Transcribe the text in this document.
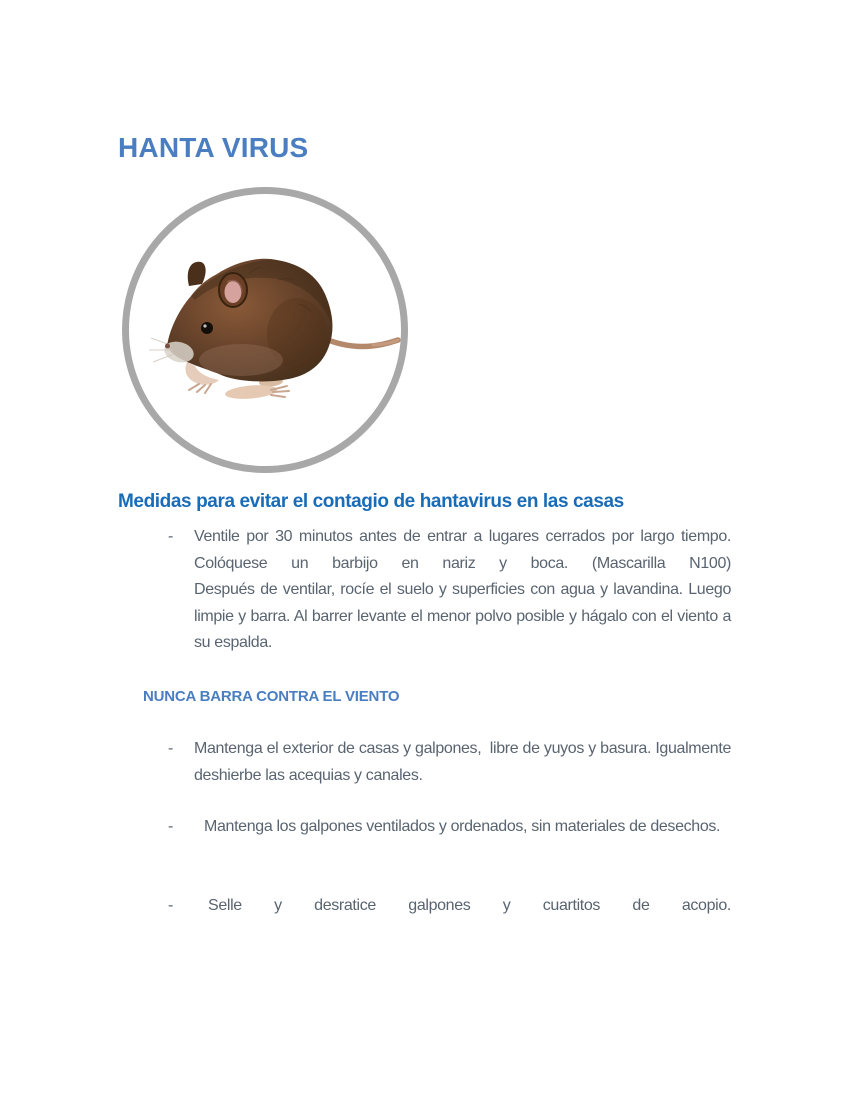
HANTA VIRUS
Medidas para evitar el contagio de hantavirus en las casas
-	Ventile por 30 minutos antes de entrar a lugares cerrados por largo tiempo. Colóquese un barbijo en nariz y boca. (Mascarilla N100)
Después de ventilar, rocíe el suelo y superficies con agua y lavandina. Luego limpie y barra. Al barrer levante el menor polvo posible y hágalo con el viento a su espalda.
NUNCA BARRA CONTRA EL VIENTO
-	Mantenga el exterior de casas y galpones,  libre de yuyos y basura. Igualmente deshierbe las acequias y canales.
-	Mantenga los galpones ventilados y ordenados, sin materiales de desechos.
-	Selle y desratice galpones y cuartitos de acopio.
